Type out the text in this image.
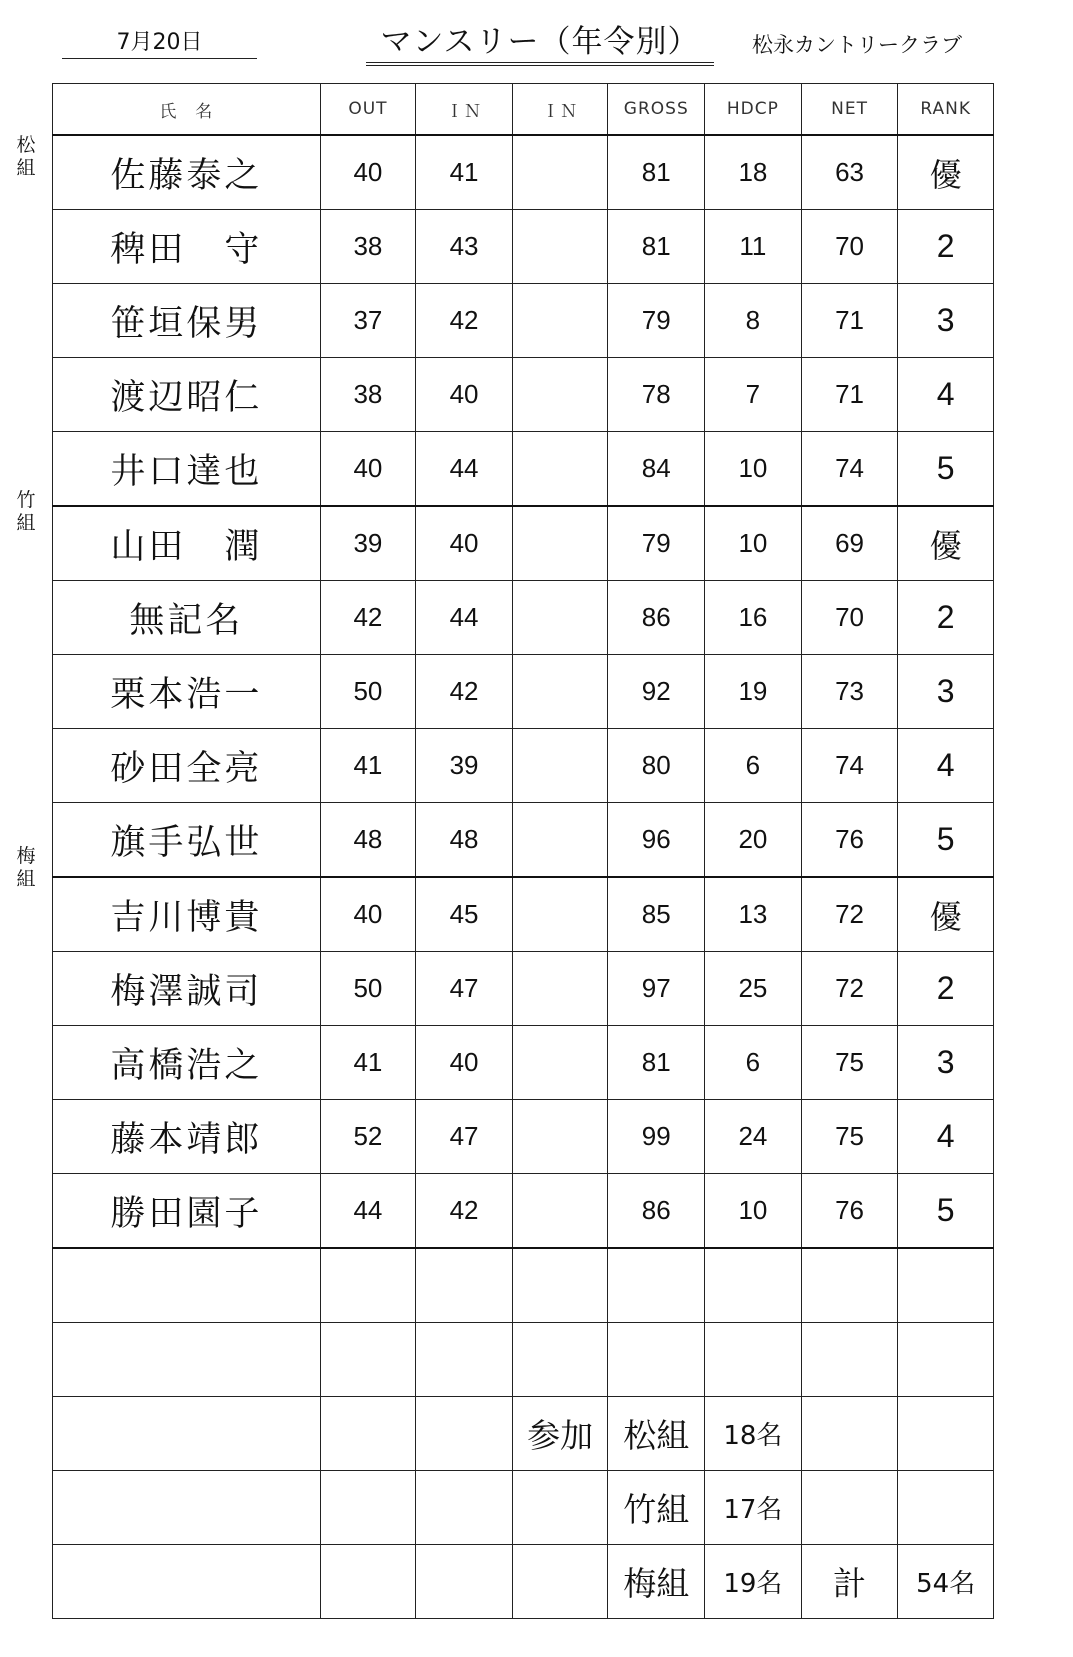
7月20日	マンスリー（年令別）	松永カントリークラブ
松
組
竹
組
梅
組
氏　名	OUT	ＩＮ	ＩＮ	GROSS	HDCP	NET	RANK
佐藤泰之	40	41		81	18	63	優
稗田　守	38	43		81	11	70	2
笹垣保男	37	42		79	8	71	3
渡辺昭仁	38	40		78	7	71	4
井口達也	40	44		84	10	74	5
山田　潤	39	40		79	10	69	優
無記名	42	44		86	16	70	2
栗本浩一	50	42		92	19	73	3
砂田全亮	41	39		80	6	74	4
旗手弘世	48	48		96	20	76	5
吉川博貴	40	45		85	13	72	優
梅澤誠司	50	47		97	25	72	2
高橋浩之	41	40		81	6	75	3
藤本靖郎	52	47		99	24	75	4
勝田園子	44	42		86	10	76	5

			参加	松組	18名		
				竹組	17名		
				梅組	19名	計	54名
